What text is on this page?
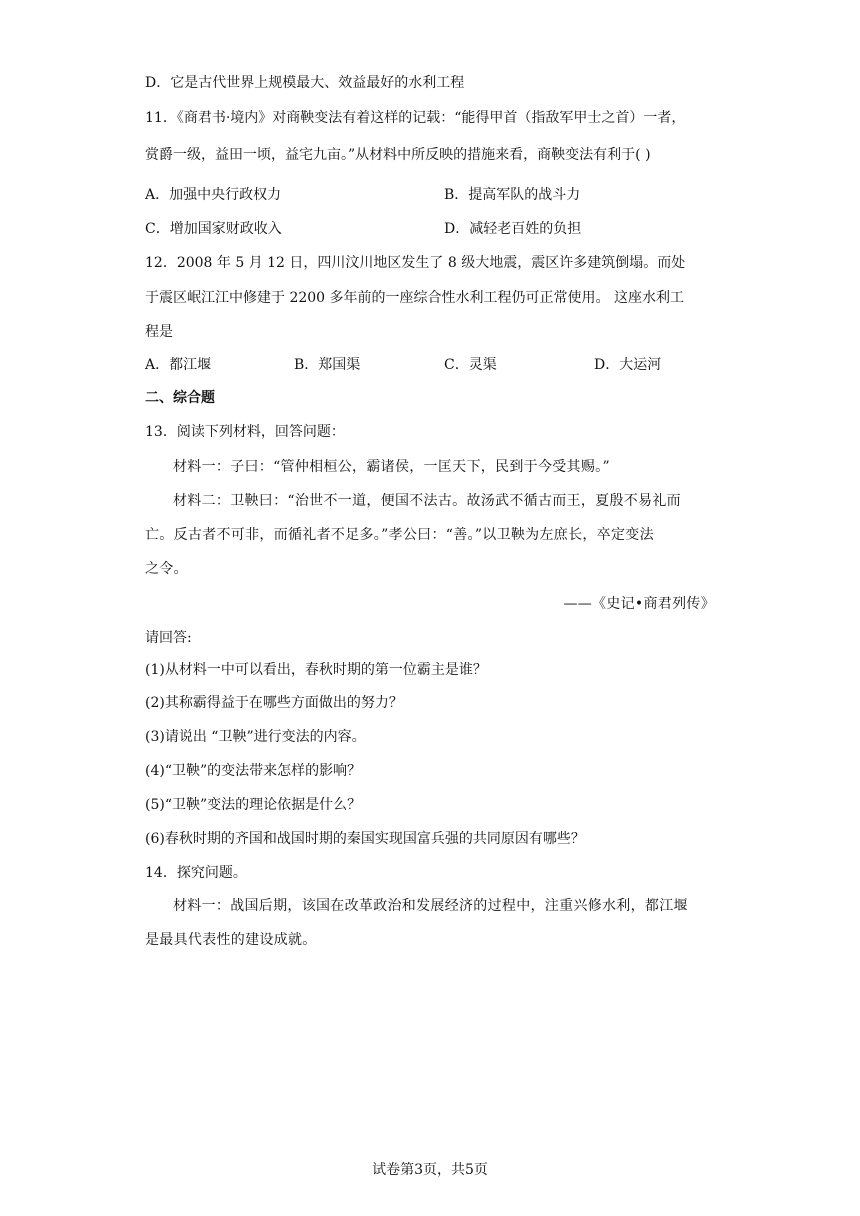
D．它是古代世界上规模最大、效益最好的水利工程
11．《商君书·境内》对商鞅变法有着这样的记载：“能得甲首（指敌军甲士之首）一者，
赏爵一级，益田一顷，益宅九亩。”从材料中所反映的措施来看，商鞅变法有利于( )
A．加强中央行政权力	B．提高军队的战斗力
C．增加国家财政收入	D．减轻老百姓的负担
12．2008 年 5 月 12 日，四川汶川地区发生了 8 级大地震，震区许多建筑倒塌。而处
于震区岷江江中修建于 2200 多年前的一座综合性水利工程仍可正常使用。 这座水利工
程是
A．都江堰	B．郑国渠	C．灵渠	D．大运河
二、综合题
13．阅读下列材料，回答问题：
材料一：子曰：“管仲相桓公，霸诸侯，一匡天下，民到于今受其赐。”
材料二：卫鞅曰：“治世不一道，便国不法古。故汤武不循古而王，夏殷不易礼而
亡。反古者不可非，而循礼者不足多。”孝公曰：“善。”以卫鞅为左庶长，卒定变法
之令。
——《史记•商君列传》
请回答:
(1)从材料一中可以看出，春秋时期的第一位霸主是谁？
(2)其称霸得益于在哪些方面做出的努力？
(3)请说出 “卫鞅”进行变法的内容。
(4)“卫鞅”的变法带来怎样的影响？
(5)“卫鞅”变法的理论依据是什么？
(6)春秋时期的齐国和战国时期的秦国实现国富兵强的共同原因有哪些？
14．探究问题。
材料一：战国后期，该国在改革政治和发展经济的过程中，注重兴修水利，都江堰
是最具代表性的建设成就。
试卷第3页，共5页
